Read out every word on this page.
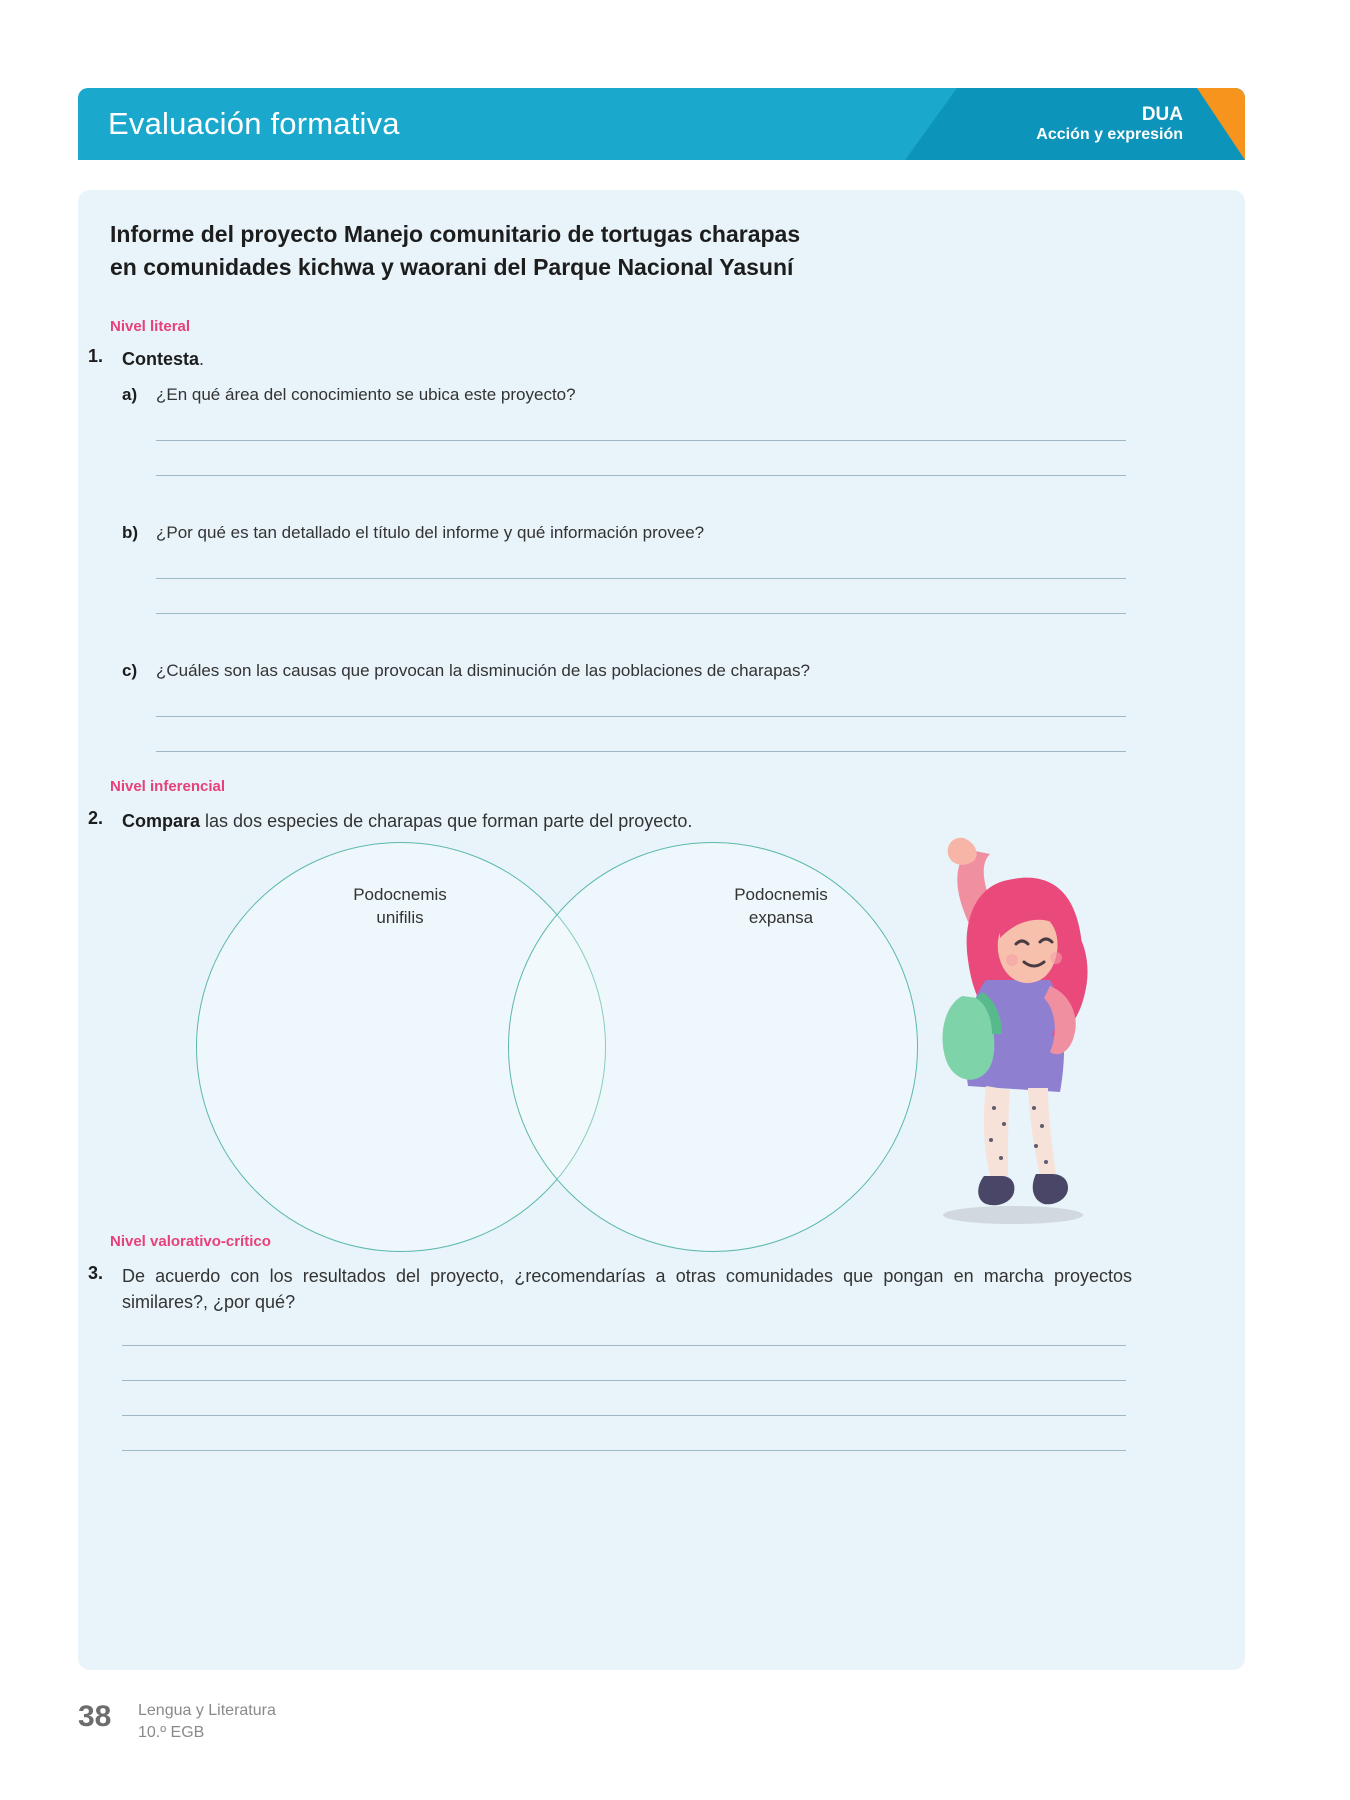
Evaluación formativa	DUA
Acción y expresión
Informe del proyecto Manejo comunitario de tortugas charapas
en comunidades kichwa y waorani del Parque Nacional Yasuní
Nivel literal
1. Contesta.
a) ¿En qué área del conocimiento se ubica este proyecto?
b) ¿Por qué es tan detallado el título del informe y qué información provee?
c) ¿Cuáles son las causas que provocan la disminución de las poblaciones de charapas?
Nivel inferencial
2. Compara las dos especies de charapas que forman parte del proyecto.
Podocnemis
unifilis
Podocnemis
expansa
Nivel valorativo-crítico
3. De acuerdo con los resultados del proyecto, ¿recomendarías a otras comunidades que pongan en marcha proyectos similares?, ¿por qué?
38 Lengua y Literatura
10.º EGB
